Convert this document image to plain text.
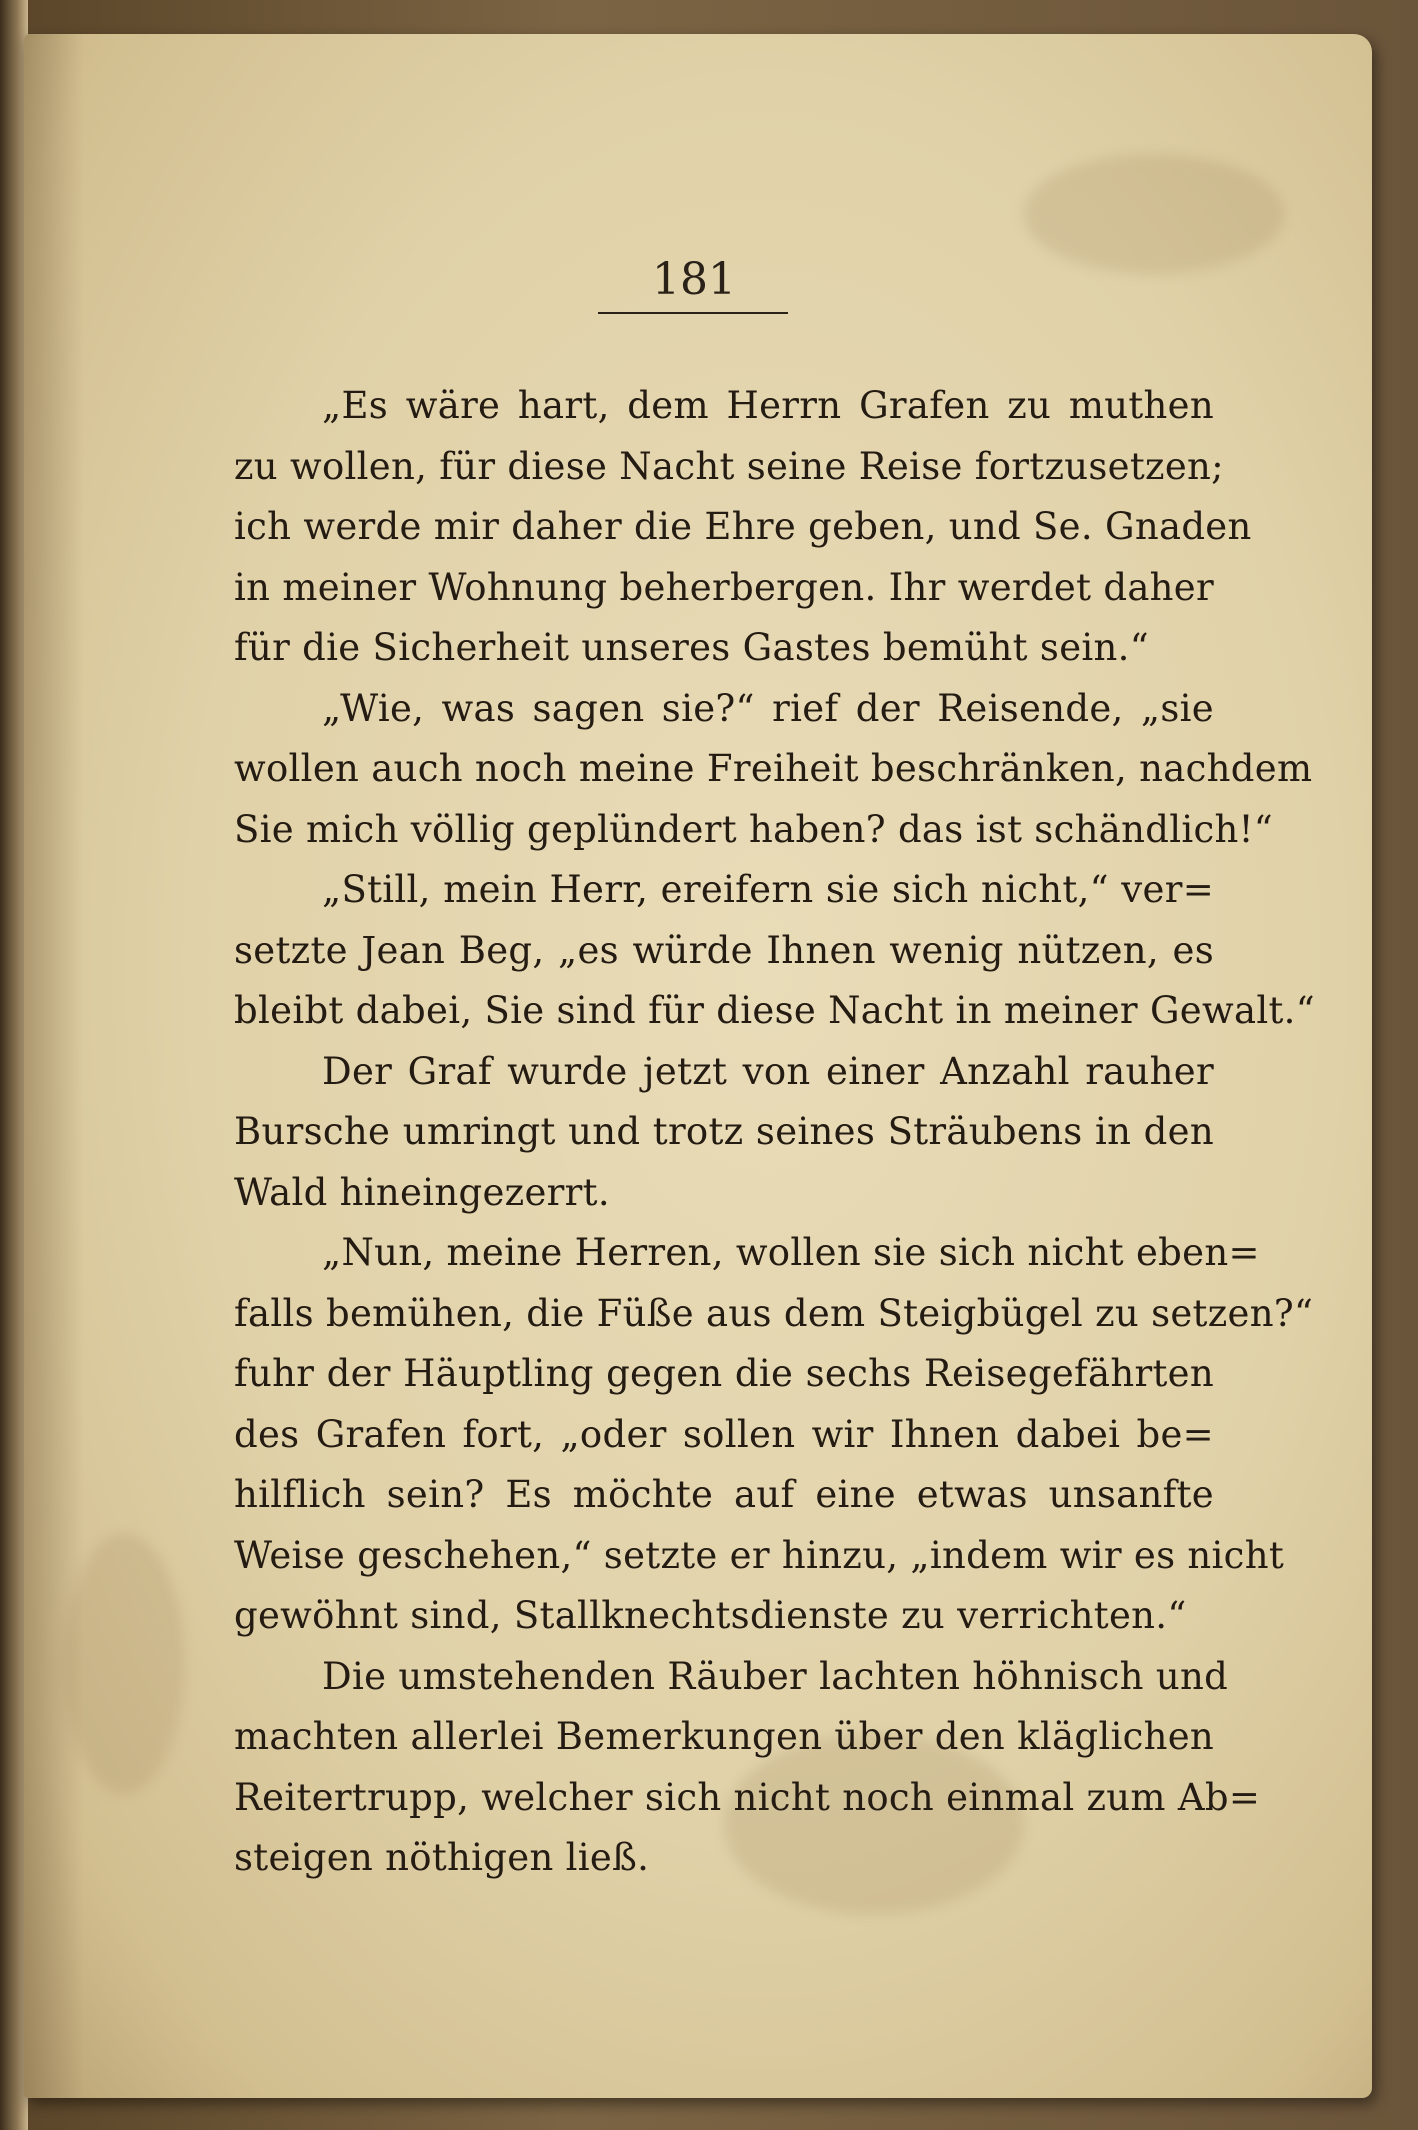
181
„Es wäre hart, dem Herrn Grafen zu muthen
zu wollen, für diese Nacht seine Reise fortzusetzen;
ich werde mir daher die Ehre geben, und Se. Gnaden
in meiner Wohnung beherbergen. Ihr werdet daher
für die Sicherheit unseres Gastes bemüht sein.“
„Wie, was sagen sie?“ rief der Reisende, „sie
wollen auch noch meine Freiheit beschränken, nachdem
Sie mich völlig geplündert haben? das ist schändlich!“
„Still, mein Herr, ereifern sie sich nicht,“ ver=
setzte Jean Beg, „es würde Ihnen wenig nützen, es
bleibt dabei, Sie sind für diese Nacht in meiner Gewalt.“
Der Graf wurde jetzt von einer Anzahl rauher
Bursche umringt und trotz seines Sträubens in den
Wald hineingezerrt.
„Nun, meine Herren, wollen sie sich nicht eben=
falls bemühen, die Füße aus dem Steigbügel zu setzen?“
fuhr der Häuptling gegen die sechs Reisegefährten
des Grafen fort, „oder sollen wir Ihnen dabei be=
hilflich sein? Es möchte auf eine etwas unsanfte
Weise geschehen,“ setzte er hinzu, „indem wir es nicht
gewöhnt sind, Stallknechtsdienste zu verrichten.“
Die umstehenden Räuber lachten höhnisch und
machten allerlei Bemerkungen über den kläglichen
Reitertrupp, welcher sich nicht noch einmal zum Ab=
steigen nöthigen ließ.
